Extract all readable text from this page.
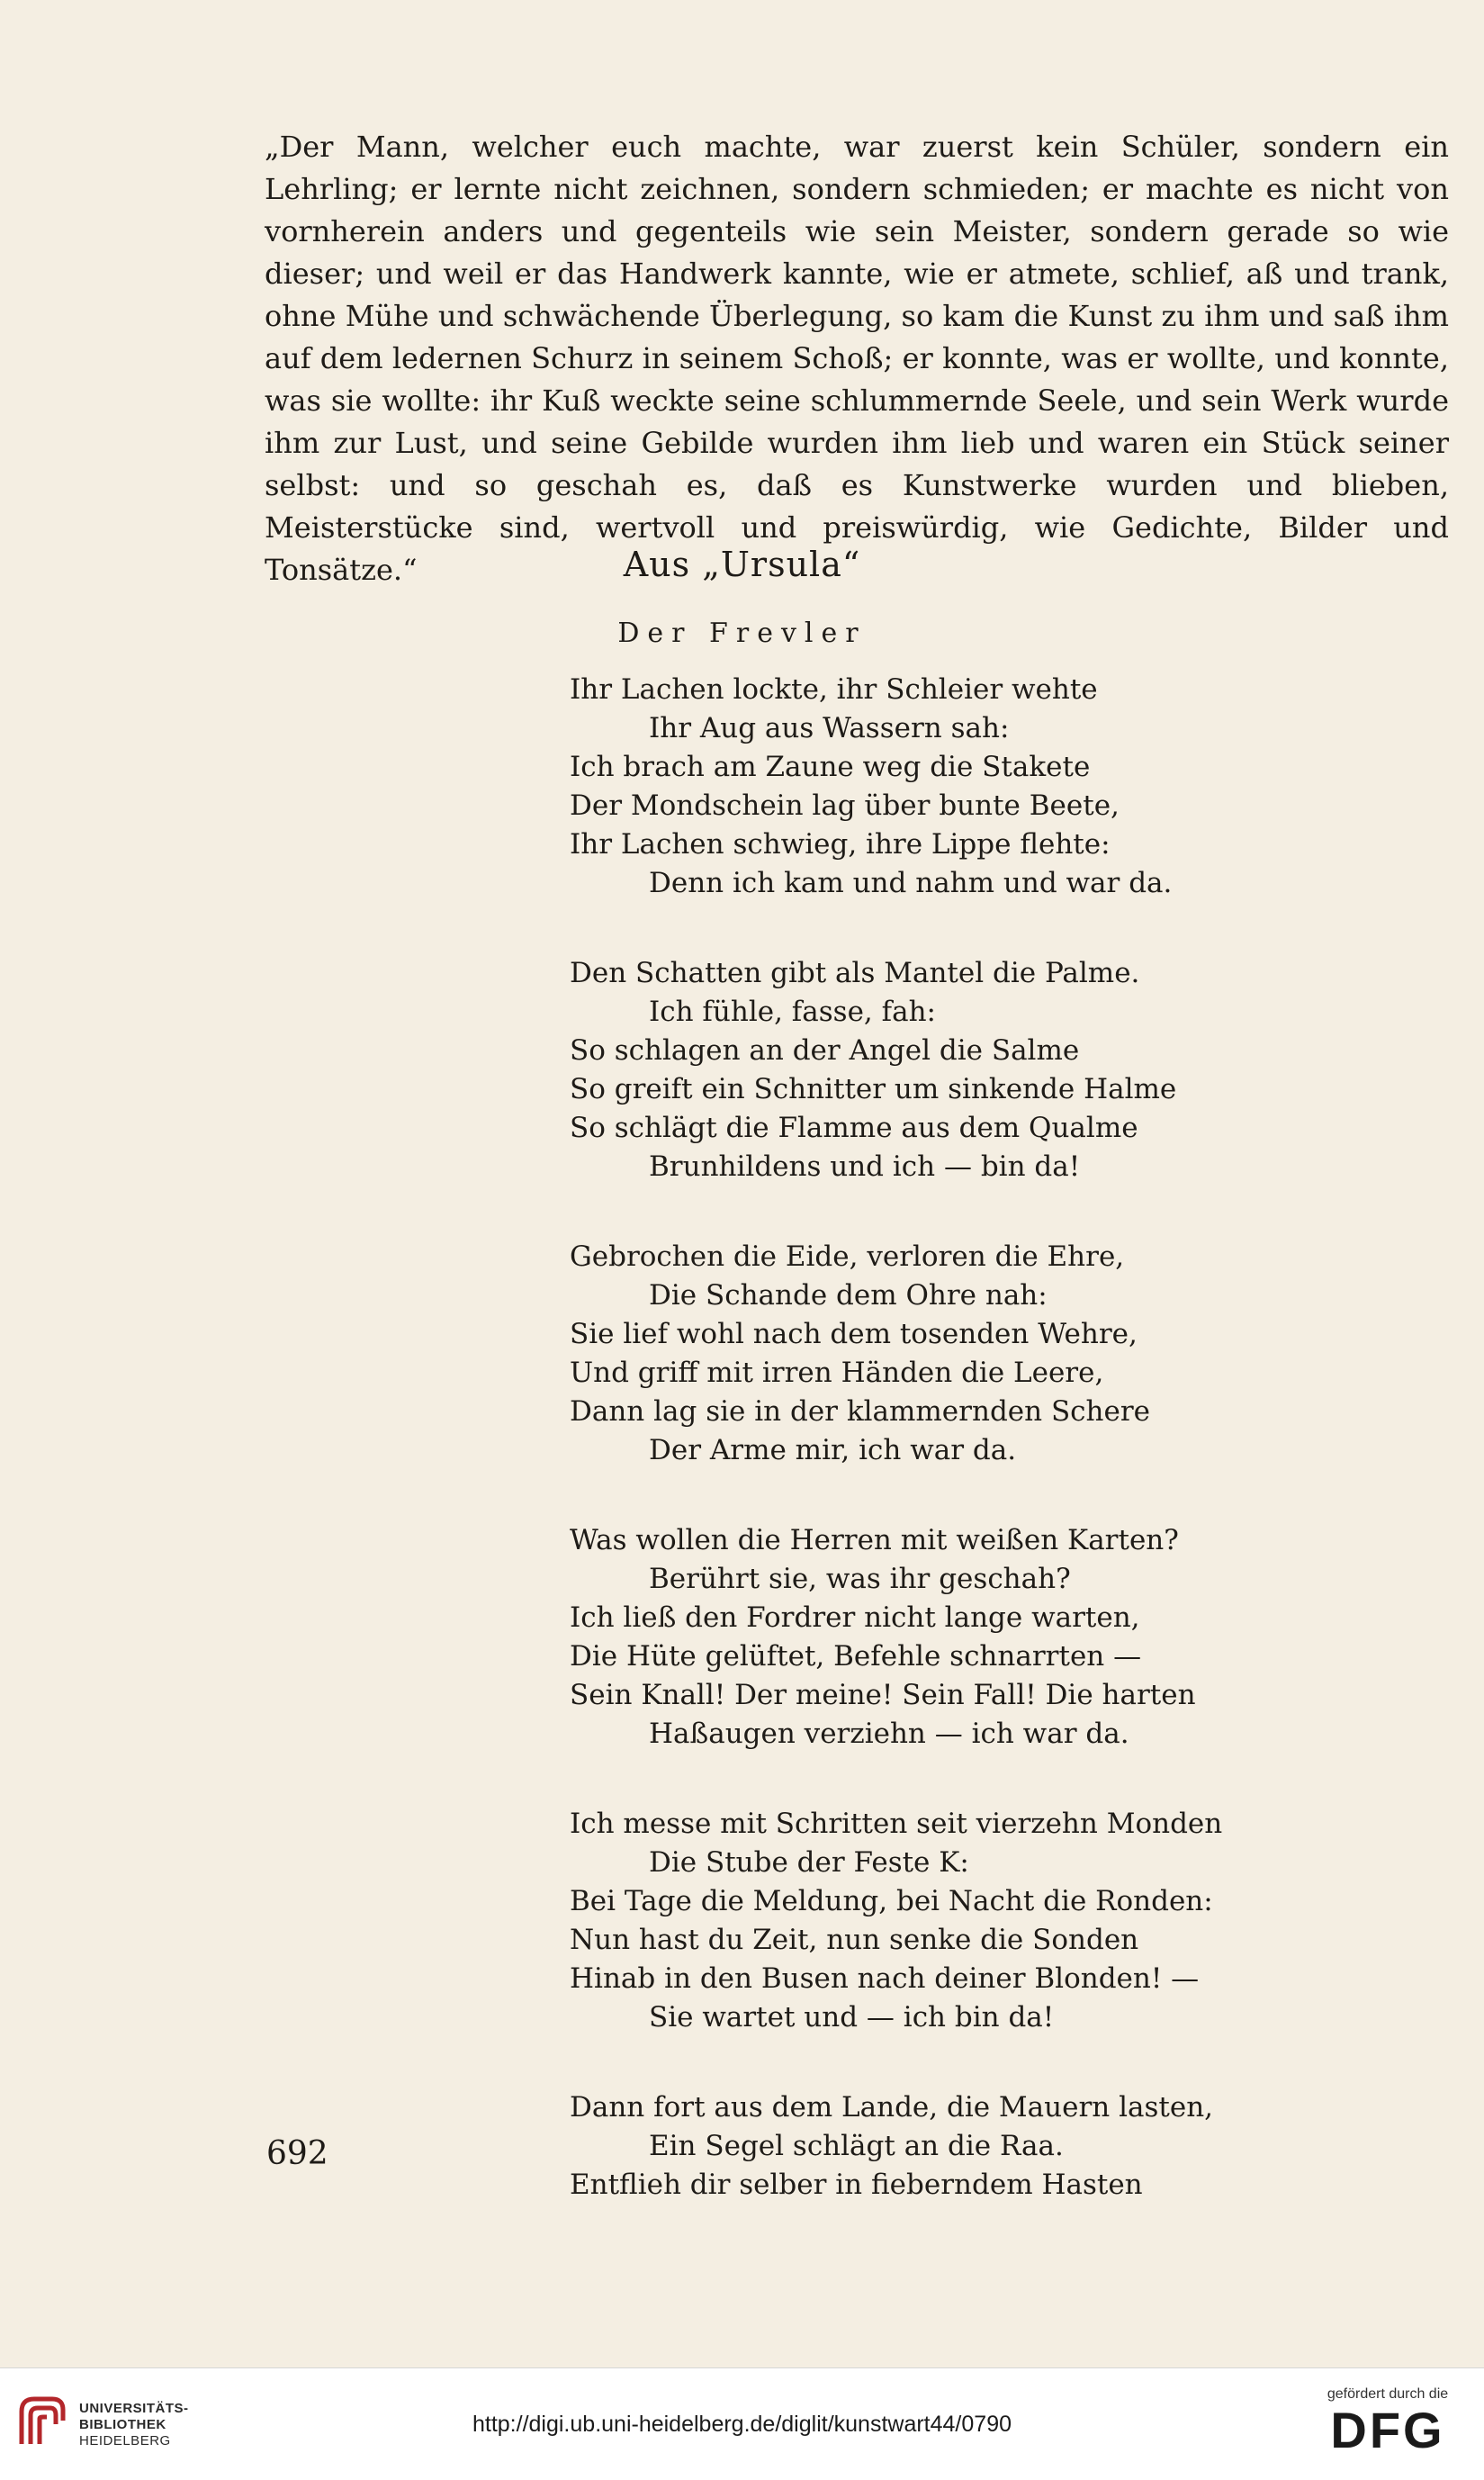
„Der Mann, welcher euch machte, war zuerst kein Schüler, sondern ein Lehrling; er lernte nicht zeichnen, sondern schmieden; er machte es nicht von vornherein anders und gegenteils wie sein Meister, sondern gerade so wie dieser; und weil er das Handwerk kannte, wie er atmete, schlief, aß und trank, ohne Mühe und schwächende Überlegung, so kam die Kunst zu ihm und saß ihm auf dem ledernen Schurz in seinem Schoß; er konnte, was er wollte, und konnte, was sie wollte: ihr Kuß weckte seine schlummernde Seele, und sein Werk wurde ihm zur Lust, und seine Gebilde wurden ihm lieb und waren ein Stück seiner selbst: und so geschah es, daß es Kunstwerke wurden und blieben, Meisterstücke sind, wertvoll und preiswürdig, wie Gedichte, Bilder und Tonsätze.“	Aus „Ursula“
Der Frevler
Ihr Lachen lockte, ihr Schleier wehte
Ihr Aug aus Wassern sah:
Ich brach am Zaune weg die Stakete
Der Mondschein lag über bunte Beete,
Ihr Lachen schwieg, ihre Lippe flehte:
Denn ich kam und nahm und war da.
Den Schatten gibt als Mantel die Palme.
Ich fühle, fasse, fah:
So schlagen an der Angel die Salme
So greift ein Schnitter um sinkende Halme
So schlägt die Flamme aus dem Qualme
Brunhildens und ich — bin da!
Gebrochen die Eide, verloren die Ehre,
Die Schande dem Ohre nah:
Sie lief wohl nach dem tosenden Wehre,
Und griff mit irren Händen die Leere,
Dann lag sie in der klammernden Schere
Der Arme mir, ich war da.
Was wollen die Herren mit weißen Karten?
Berührt sie, was ihr geschah?
Ich ließ den Fordrer nicht lange warten,
Die Hüte gelüftet, Befehle schnarrten —
Sein Knall! Der meine! Sein Fall! Die harten
Haßaugen verziehn — ich war da.
Ich messe mit Schritten seit vierzehn Monden
Die Stube der Feste K:
Bei Tage die Meldung, bei Nacht die Ronden:
Nun hast du Zeit, nun senke die Sonden
Hinab in den Busen nach deiner Blonden! —
Sie wartet und — ich bin da!
Dann fort aus dem Lande, die Mauern lasten,
Ein Segel schlägt an die Raa.
Entflieh dir selber in fieberndem Hasten
692
UNIVERSITÄTS-
BIBLIOTHEK
HEIDELBERG
http://digi.ub.uni-heidelberg.de/diglit/kunstwart44/0790
gefördert durch die
DFG
